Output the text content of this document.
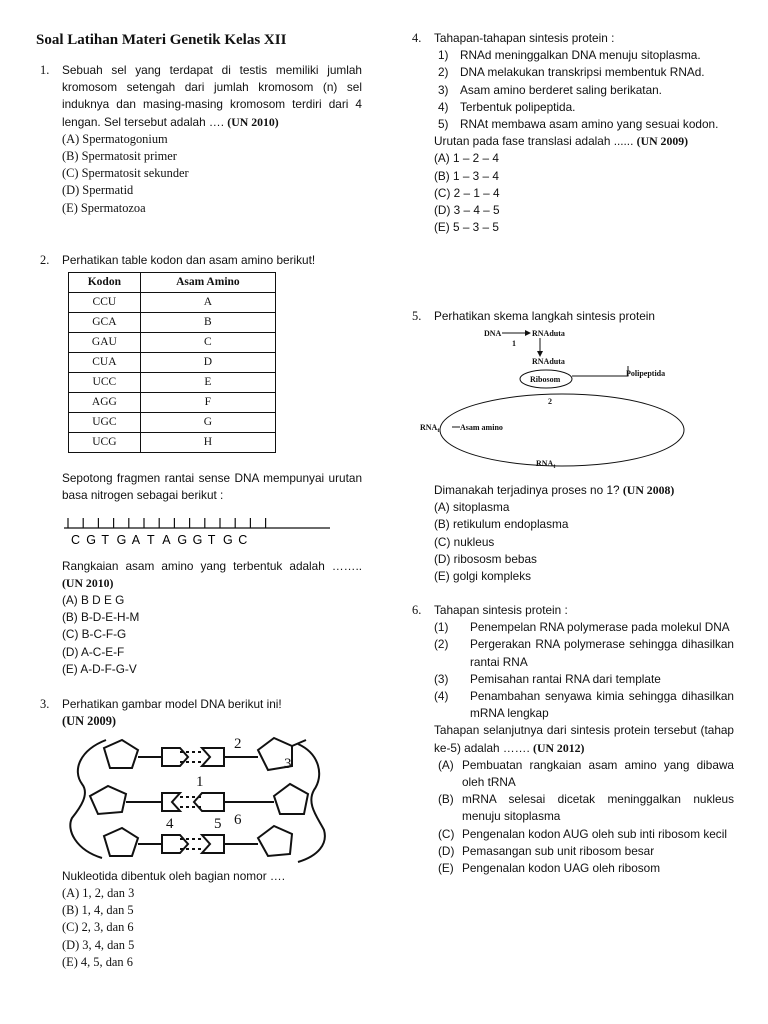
Soal Latihan Materi Genetik Kelas XII
1. Sebuah sel yang terdapat di testis memiliki jumlah kromosom setengah dari jumlah kromosom (n) sel induknya dan masing-masing kromosom terdiri dari 4 lengan. Sel tersebut adalah …. (UN 2010)
(A) Spermatogonium
(B) Spermatosit primer
(C) Spermatosit sekunder
(D) Spermatid
(E) Spermatozoa
2. Perhatikan table kodon dan asam amino berikut!
Kodon	Asam Amino
CCU	A
GCA	B
GAU	C
CUA	D
UCC	E
AGG	F
UGC	G
UCG	H
Sepotong fragmen rantai sense DNA mempunyai urutan basa nitrogen sebagai berikut :
C G T G A T A G G T G C
Rangkaian asam amino yang terbentuk adalah …….. (UN 2010)
(A) B D E G
(B) B-D-E-H-M
(C) B-C-F-G
(D) A-C-E-F
(E) A-D-F-G-V
3. Perhatikan gambar model DNA berikut ini!
(UN 2009)
1
2
3
4	5 6
Nukleotida dibentuk oleh bagian nomor ….
(A) 1, 2, dan 3
(B) 1, 4, dan 5
(C) 2, 3, dan 6
(D) 3, 4, dan 5
(E) 4, 5, dan 6
4. Tahapan-tahapan sintesis protein :
1) RNAd meninggalkan DNA menuju sitoplasma.
2) DNA melakukan transkripsi membentuk RNAd.
3) Asam amino berderet saling berikatan.
4) Terbentuk polipeptida.
5) RNAt membawa asam amino yang sesuai kodon.
Urutan pada fase translasi adalah ...... (UN 2009)
(A) 1 – 2 – 4
(B) 1 – 3 – 4
(C) 2 – 1 – 4
(D) 3 – 4 – 5
(E) 5 – 3 – 5
5. Perhatikan skema langkah sintesis protein
DNA	RNAduta
1
RNAduta
Ribosom
2
Polipeptida
$RNA_t$	Asam amino
$RNA_t$
Dimanakah terjadinya proses no 1? (UN 2008)
(A) sitoplasma
(B) retikulum endoplasma
(C) nukleus
(D) ribososm bebas
(E) golgi kompleks
6. Tahapan sintesis protein :
(1) Penempelan RNA polymerase pada molekul DNA
(2) Pergerakan RNA polymerase sehingga dihasilkan rantai RNA
(3) Pemisahan rantai RNA dari template
(4) Penambahan senyawa kimia sehingga dihasilkan mRNA lengkap
Tahapan selanjutnya dari sintesis protein tersebut (tahap ke-5) adalah ……. (UN 2012)
(A) Pembuatan rangkaian asam amino yang dibawa oleh tRNA
(B) mRNA selesai dicetak meninggalkan nukleus menuju sitoplasma
(C) Pengenalan kodon AUG oleh sub inti ribosom kecil
(D) Pemasangan sub unit ribosom besar
(E) Pengenalan kodon UAG oleh ribosom
